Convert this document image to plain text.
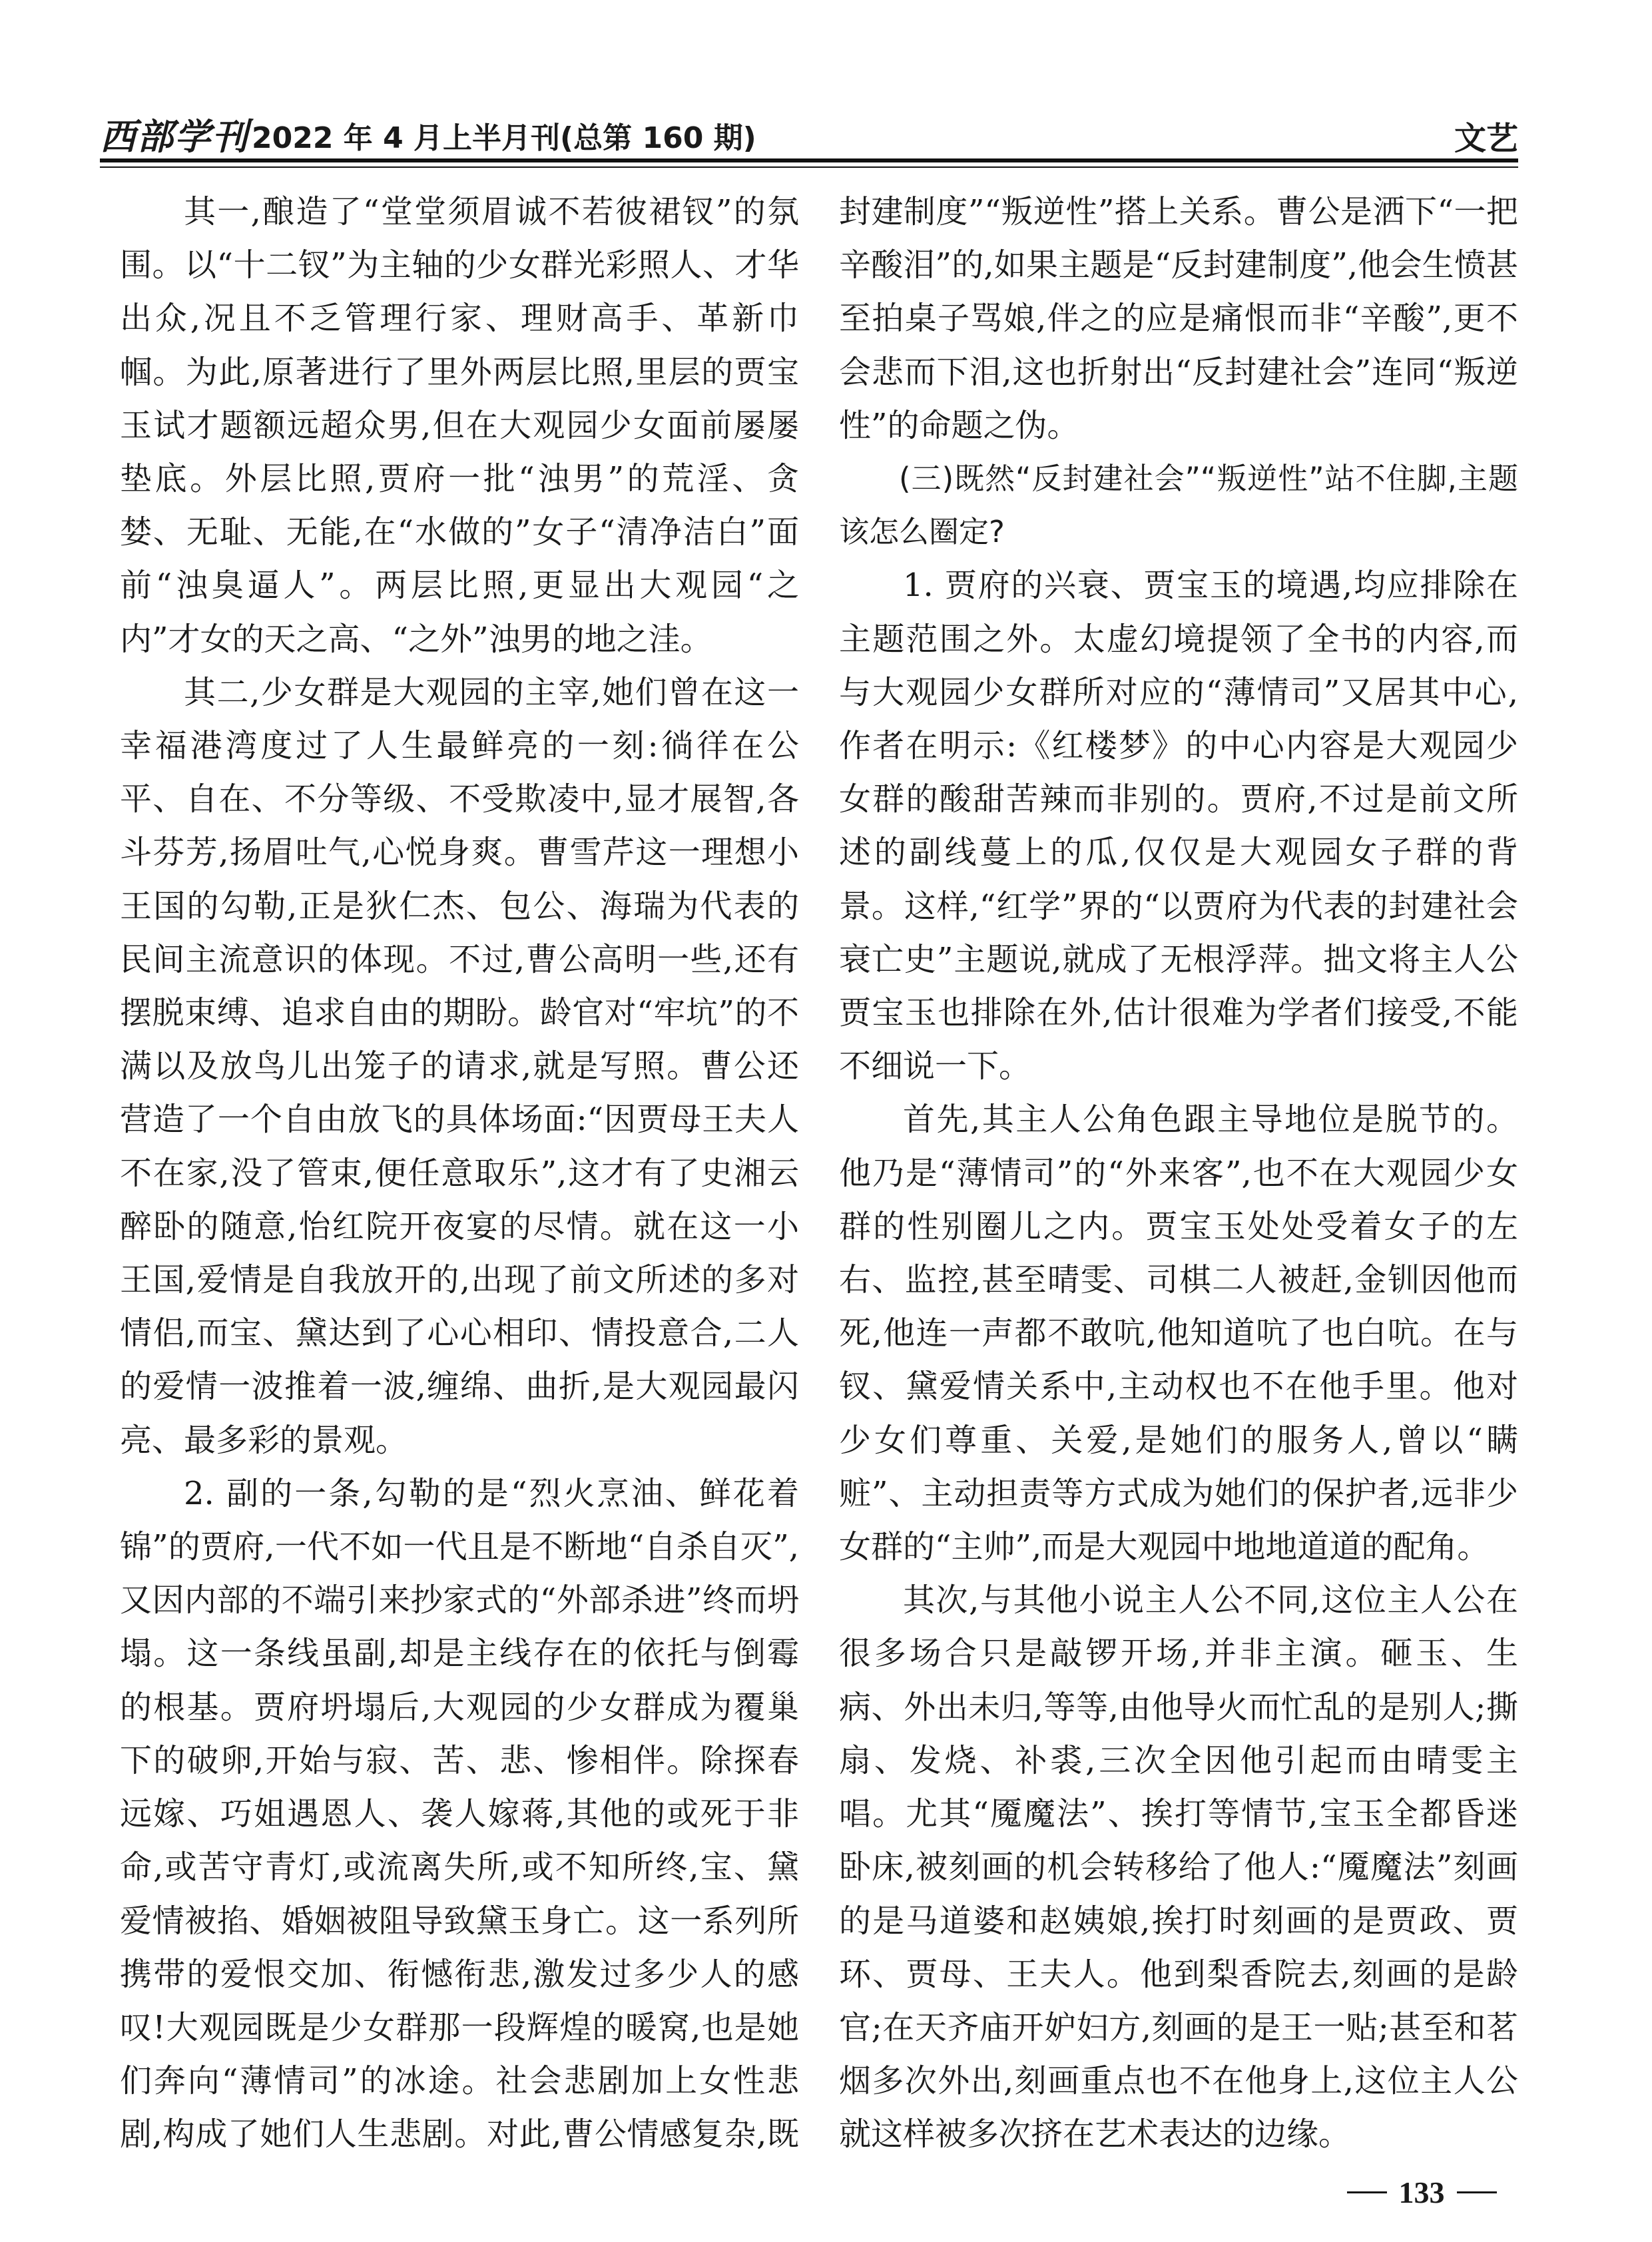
西部学刊 2022 年 4 月上半月刊(总第 160 期)	文艺

其一,酿造了“堂堂须眉诚不若彼裙钗”的氛围。以“十二钗”为主轴的少女群光彩照人、才华出众,况且不乏管理行家、理财高手、革新巾帼。为此,原著进行了里外两层比照,里层的贾宝玉试才题额远超众男,但在大观园少女面前屡屡垫底。外层比照,贾府一批“浊男”的荒淫、贪婪、无耻、无能,在“水做的”女子“清净洁白”面前“浊臭逼人”。两层比照,更显出大观园“之内”才女的天之高、“之外”浊男的地之洼。

其二,少女群是大观园的主宰,她们曾在这一幸福港湾度过了人生最鲜亮的一刻:徜徉在公平、自在、不分等级、不受欺凌中,显才展智,各斗芬芳,扬眉吐气,心悦身爽。曹雪芹这一理想小王国的勾勒,正是狄仁杰、包公、海瑞为代表的民间主流意识的体现。不过,曹公高明一些,还有摆脱束缚、追求自由的期盼。龄官对“牢坑”的不满以及放鸟儿出笼子的请求,就是写照。曹公还营造了一个自由放飞的具体场面:“因贾母王夫人不在家,没了管束,便任意取乐”,这才有了史湘云醉卧的随意,怡红院开夜宴的尽情。就在这一小王国,爱情是自我放开的,出现了前文所述的多对情侣,而宝、黛达到了心心相印、情投意合,二人的爱情一波推着一波,缠绵、曲折,是大观园最闪亮、最多彩的景观。

2. 副的一条,勾勒的是“烈火烹油、鲜花着锦”的贾府,一代不如一代且是不断地“自杀自灭”,又因内部的不端引来抄家式的“外部杀进”终而坍塌。这一条线虽副,却是主线存在的依托与倒霉的根基。贾府坍塌后,大观园的少女群成为覆巢下的破卵,开始与寂、苦、悲、惨相伴。除探春远嫁、巧姐遇恩人、袭人嫁蒋,其他的或死于非命,或苦守青灯,或流离失所,或不知所终,宝、黛爱情被掐、婚姻被阻导致黛玉身亡。这一系列所携带的爱恨交加、衔憾衔悲,激发过多少人的感叹!大观园既是少女群那一段辉煌的暖窝,也是她们奔向“薄情司”的冰途。社会悲剧加上女性悲剧,构成了她们人生悲剧。对此,曹公情感复杂,既

封建制度”“叛逆性”搭上关系。曹公是洒下“一把辛酸泪”的,如果主题是“反封建制度”,他会生愤甚至拍桌子骂娘,伴之的应是痛恨而非“辛酸”,更不会悲而下泪,这也折射出“反封建社会”连同“叛逆性”的命题之伪。

(三)既然“反封建社会”“叛逆性”站不住脚,主题该怎么圈定?

1. 贾府的兴衰、贾宝玉的境遇,均应排除在主题范围之外。太虚幻境提领了全书的内容,而与大观园少女群所对应的“薄情司”又居其中心,作者在明示:《红楼梦》的中心内容是大观园少女群的酸甜苦辣而非别的。贾府,不过是前文所述的副线蔓上的瓜,仅仅是大观园女子群的背景。这样,“红学”界的“以贾府为代表的封建社会衰亡史”主题说,就成了无根浮萍。拙文将主人公贾宝玉也排除在外,估计很难为学者们接受,不能不细说一下。

首先,其主人公角色跟主导地位是脱节的。他乃是“薄情司”的“外来客”,也不在大观园少女群的性别圈儿之内。贾宝玉处处受着女子的左右、监控,甚至晴雯、司棋二人被赶,金钏因他而死,他连一声都不敢吭,他知道吭了也白吭。在与钗、黛爱情关系中,主动权也不在他手里。他对少女们尊重、关爱,是她们的服务人,曾以“瞒赃”、主动担责等方式成为她们的保护者,远非少女群的“主帅”,而是大观园中地地道道的配角。

其次,与其他小说主人公不同,这位主人公在很多场合只是敲锣开场,并非主演。砸玉、生病、外出未归,等等,由他导火而忙乱的是别人;撕扇、发烧、补裘,三次全因他引起而由晴雯主唱。尤其“魇魔法”、挨打等情节,宝玉全都昏迷卧床,被刻画的机会转移给了他人:“魇魔法”刻画的是马道婆和赵姨娘,挨打时刻画的是贾政、贾环、贾母、王夫人。他到梨香院去,刻画的是龄官;在天齐庙开妒妇方,刻画的是王一贴;甚至和茗烟多次外出,刻画重点也不在他身上,这位主人公就这样被多次挤在艺术表达的边缘。

133
